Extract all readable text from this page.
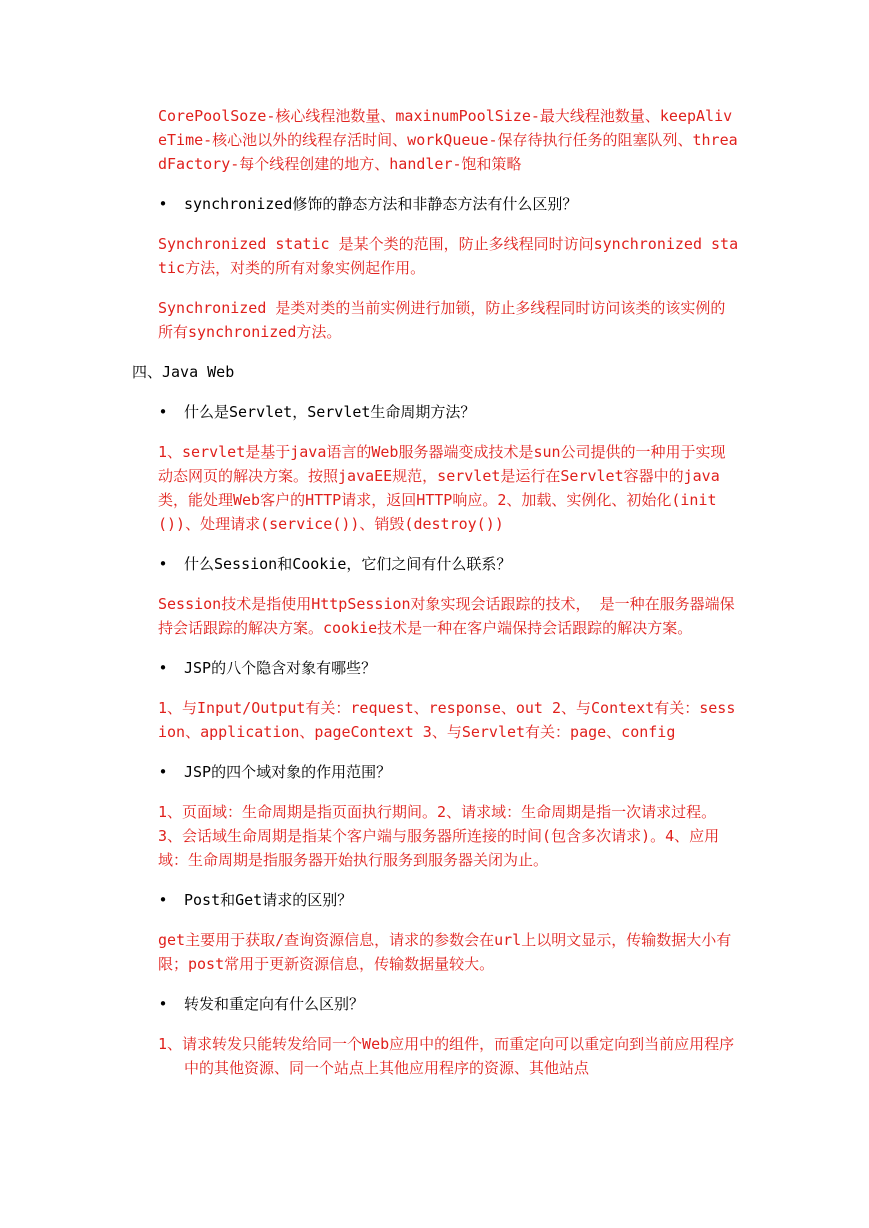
CorePoolSoze-核心线程池数量、maxinumPoolSize-最大线程池数量、keepAliveTime-核心池以外的线程存活时间、workQueue-保存待执行任务的阻塞队列、threadFactory-每个线程创建的地方、handler-饱和策略

• synchronized修饰的静态方法和非静态方法有什么区别？

Synchronized static 是某个类的范围，防止多线程同时访问synchronized static方法，对类的所有对象实例起作用。

Synchronized 是类对类的当前实例进行加锁，防止多线程同时访问该类的该实例的所有synchronized方法。

四、Java Web
• 什么是Servlet，Servlet生命周期方法？

1、servlet是基于java语言的Web服务器端变成技术是sun公司提供的一种用于实现动态网页的解决方案。按照javaEE规范，servlet是运行在Servlet容器中的java类，能处理Web客户的HTTP请求，返回HTTP响应。2、加载、实例化、初始化(init())、处理请求(service())、销毁(destroy())

• 什么Session和Cookie，它们之间有什么联系？

Session技术是指使用HttpSession对象实现会话跟踪的技术， 是一种在服务器端保持会话跟踪的解决方案。cookie技术是一种在客户端保持会话跟踪的解决方案。

• JSP的八个隐含对象有哪些？

1、与Input/Output有关：request、response、out 2、与Context有关：session、application、pageContext 3、与Servlet有关：page、config

• JSP的四个域对象的作用范围？

1、页面域：生命周期是指页面执行期间。2、请求域：生命周期是指一次请求过程。3、会话域生命周期是指某个客户端与服务器所连接的时间(包含多次请求)。4、应用域：生命周期是指服务器开始执行服务到服务器关闭为止。

• Post和Get请求的区别？

get主要用于获取/查询资源信息，请求的参数会在url上以明文显示，传输数据大小有限；post常用于更新资源信息，传输数据量较大。

• 转发和重定向有什么区别？

1、请求转发只能转发给同一个Web应用中的组件，而重定向可以重定向到当前应用程序中的其他资源、同一个站点上其他应用程序的资源、其他站点
